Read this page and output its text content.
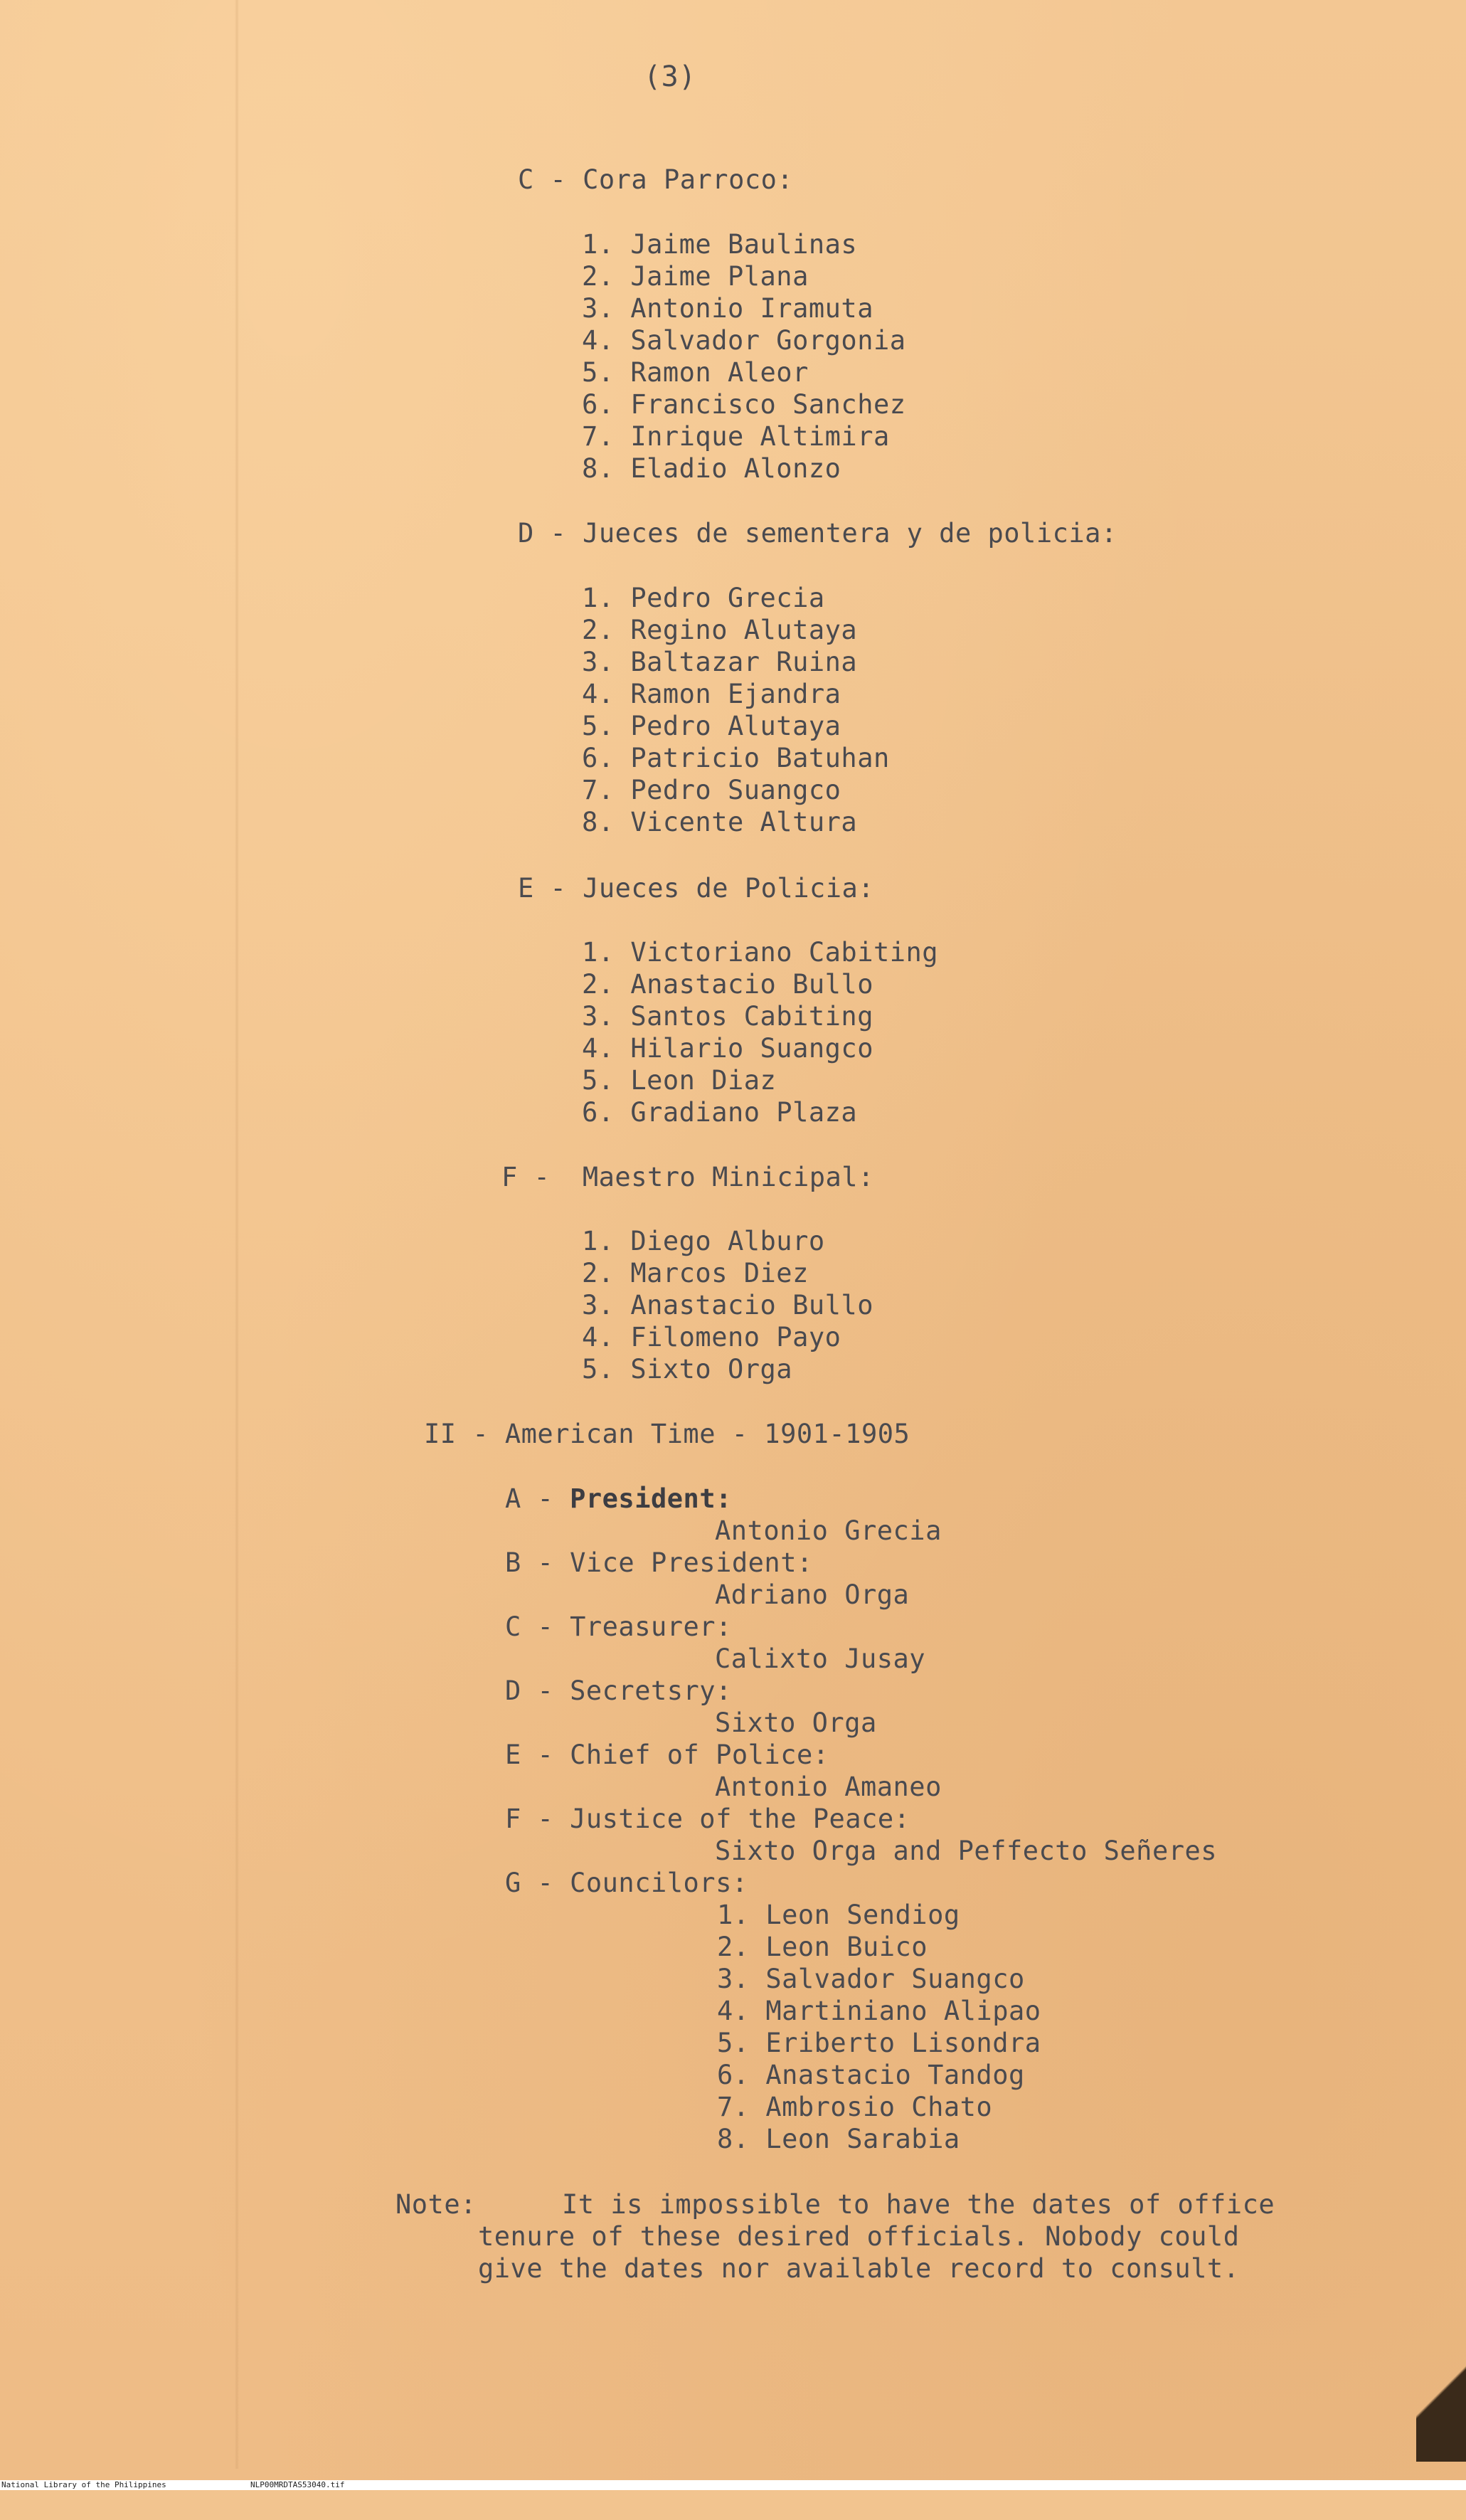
(3)
C - Cora Parroco:
1. Jaime Baulinas
2. Jaime Plana
3. Antonio Iramuta
4. Salvador Gorgonia
5. Ramon Aleor
6. Francisco Sanchez
7. Inrique Altimira
8. Eladio Alonzo
D - Jueces de sementera y de policia:
1. Pedro Grecia
2. Regino Alutaya
3. Baltazar Ruina
4. Ramon Ejandra
5. Pedro Alutaya
6. Patricio Batuhan
7. Pedro Suangco
8. Vicente Altura
E - Jueces de Policia:
1. Victoriano Cabiting
2. Anastacio Bullo
3. Santos Cabiting
4. Hilario Suangco
5. Leon Diaz
6. Gradiano Plaza
F -  Maestro Minicipal:
1. Diego Alburo
2. Marcos Diez
3. Anastacio Bullo
4. Filomeno Payo
5. Sixto Orga
II - American Time - 1901-1905
A - President:
Antonio Grecia
B - Vice President:
Adriano Orga
C - Treasurer:
Calixto Jusay
D - Secretsry:
Sixto Orga
E - Chief of Police:
Antonio Amaneo
F - Justice of the Peace:
Sixto Orga and Peffecto Señeres
G - Councilors:
1. Leon Sendiog
2. Leon Buico
3. Salvador Suangco
4. Martiniano Alipao
5. Eriberto Lisondra
6. Anastacio Tandog
7. Ambrosio Chato
8. Leon Sarabia
Note:	It is impossible to have the dates of office
tenure of these desired officials. Nobody could
give the dates nor available record to consult.

National Library of the Philippines

	NLP00MRDTAS53040.tif
